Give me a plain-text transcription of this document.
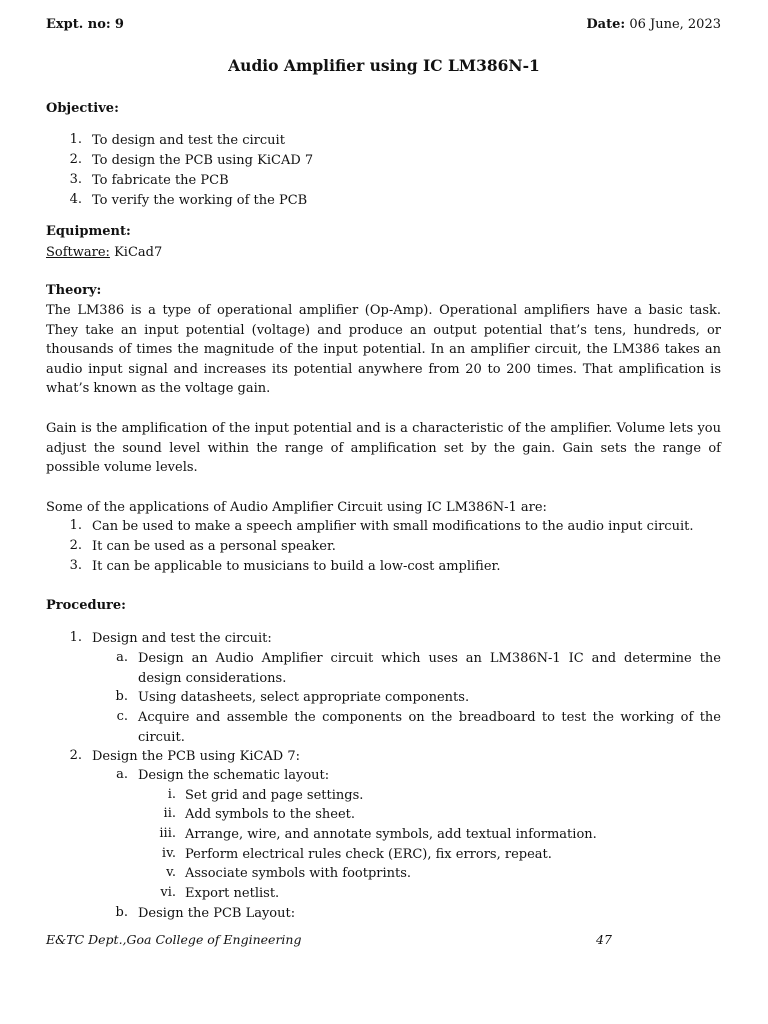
Expt. no: 9	Date: 06 June, 2023
Audio Amplifier using IC LM386N-1
Objective:
1. To design and test the circuit
2. To design the PCB using KiCAD 7
3. To fabricate the PCB
4. To verify the working of the PCB
Equipment:
Software: KiCad7
Theory:
The LM386 is a type of operational amplifier (Op-Amp). Operational amplifiers have a basic task. They take an input potential (voltage) and produce an output potential that’s tens, hundreds, or thousands of times the magnitude of the input potential. In an amplifier circuit, the LM386 takes an audio input signal and increases its potential anywhere from 20 to 200 times. That amplification is what’s known as the voltage gain.
Gain is the amplification of the input potential and is a characteristic of the amplifier. Volume lets you adjust the sound level within the range of amplification set by the gain. Gain sets the range of possible volume levels.
Some of the applications of Audio Amplifier Circuit using IC LM386N-1 are:
1. Can be used to make a speech amplifier with small modifications to the audio input circuit.
2. It can be used as a personal speaker.
3. It can be applicable to musicians to build a low-cost amplifier.
Procedure:
1. Design and test the circuit:
a. Design an Audio Amplifier circuit which uses an LM386N-1 IC and determine the design considerations.
b. Using datasheets, select appropriate components.
c. Acquire and assemble the components on the breadboard to test the working of the circuit.
2. Design the PCB using KiCAD 7:
a. Design the schematic layout:
i. Set grid and page settings.
ii. Add symbols to the sheet.
iii. Arrange, wire, and annotate symbols, add textual information.
iv. Perform electrical rules check (ERC), fix errors, repeat.
v. Associate symbols with footprints.
vi. Export netlist.
b. Design the PCB Layout:
E&TC Dept.,Goa College of Engineering	47
